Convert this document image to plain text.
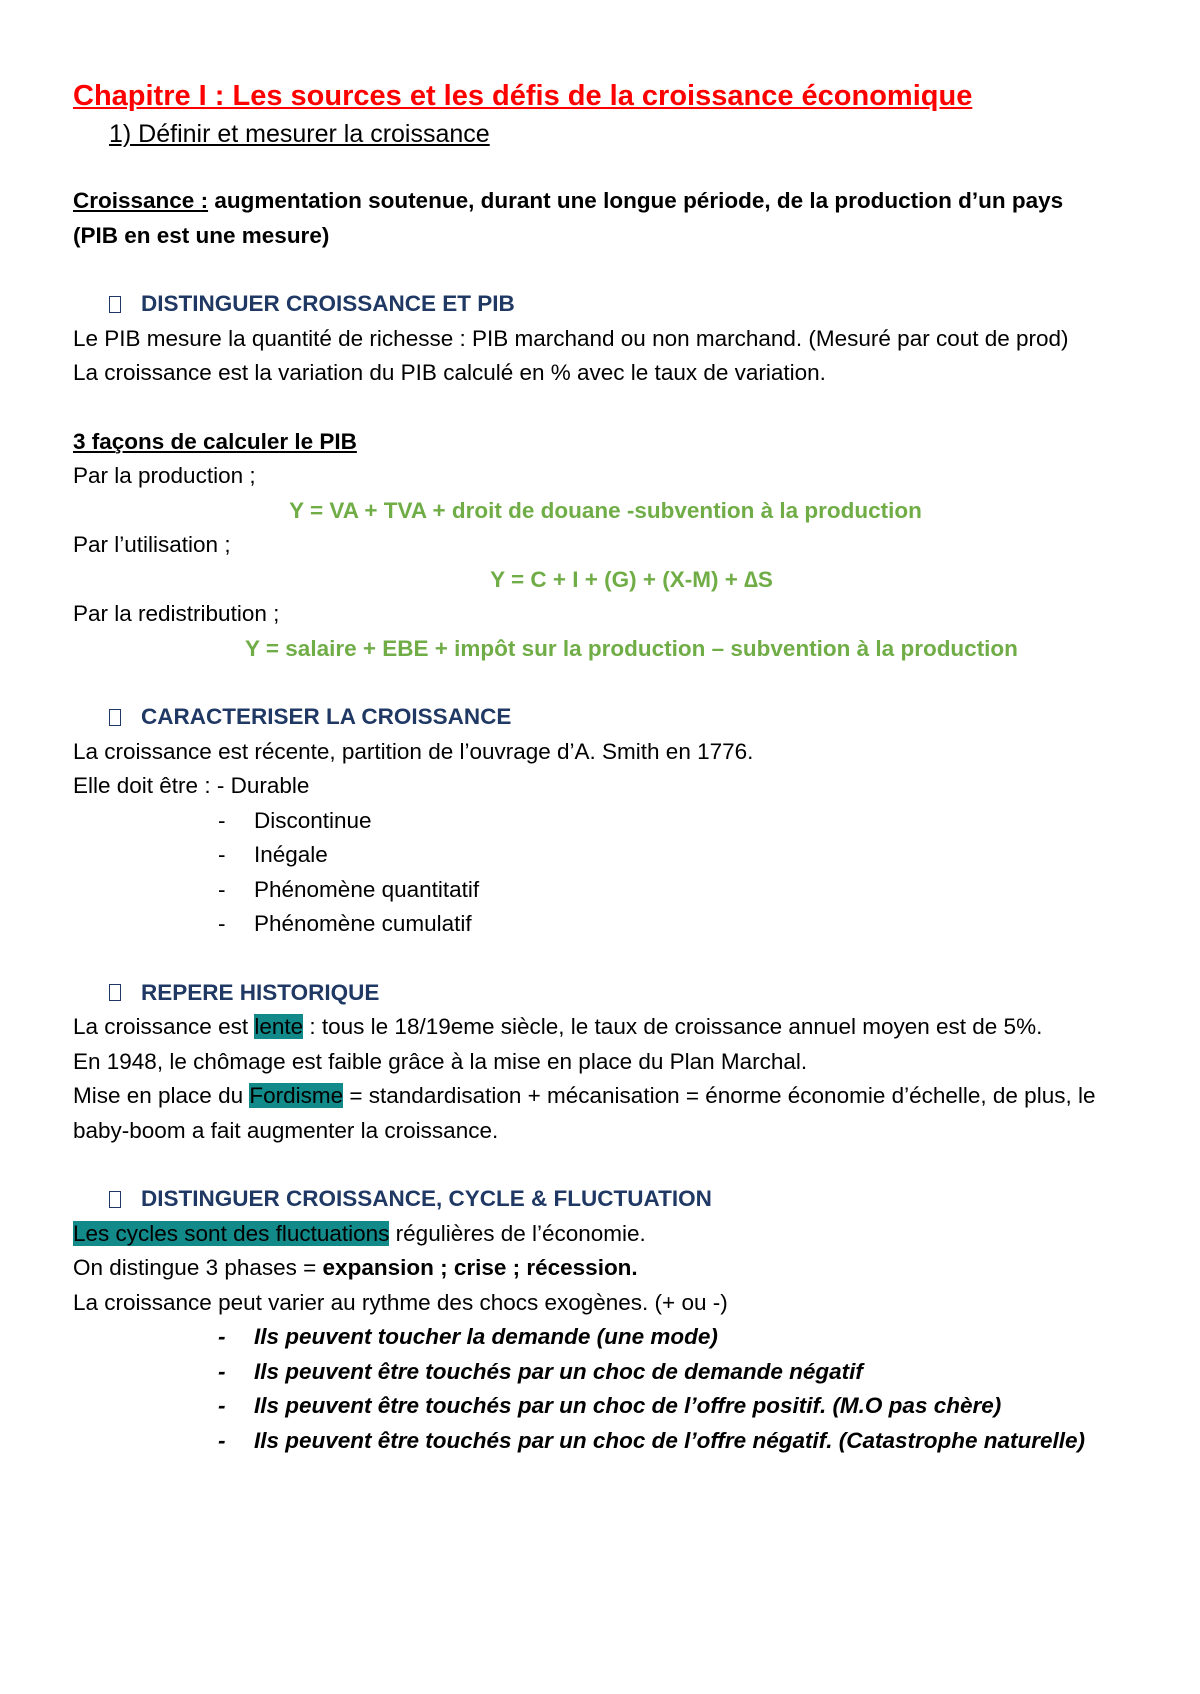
Chapitre I : Les sources et les défis de la croissance économique

1) Définir et mesurer la croissance

Croissance : augmentation soutenue, durant une longue période, de la production d’un pays (PIB en est une mesure)

DISTINGUER CROISSANCE ET PIB

Le PIB mesure la quantité de richesse : PIB marchand ou non marchand. (Mesuré par cout de prod)

La croissance est la variation du PIB calculé en % avec le taux de variation.

3 façons de calculer le PIB

Par la production ;

Y = VA + TVA + droit de douane -subvention à la production

Par l’utilisation ;

Y = C + I + (G) + (X-M) + ∆S

Par la redistribution ;

Y = salaire + EBE + impôt sur la production – subvention à la production

CARACTERISER LA CROISSANCE

La croissance est récente, partition de l’ouvrage d’A. Smith en 1776.

Elle doit être : - Durable

- Discontinue
- Inégale
- Phénomène quantitatif
- Phénomène cumulatif

REPERE HISTORIQUE

La croissance est lente : tous le 18/19eme siècle, le taux de croissance annuel moyen est de 5%.

En 1948, le chômage est faible grâce à la mise en place du Plan Marchal.

Mise en place du Fordisme = standardisation + mécanisation = énorme économie d’échelle, de plus, le baby-boom a fait augmenter la croissance.

DISTINGUER CROISSANCE, CYCLE & FLUCTUATION

Les cycles sont des fluctuations régulières de l’économie.

On distingue 3 phases = expansion ; crise ; récession.

La croissance peut varier au rythme des chocs exogènes. (+ ou -)

- Ils peuvent toucher la demande (une mode)
- Ils peuvent être touchés par un choc de demande négatif
- Ils peuvent être touchés par un choc de l’offre positif. (M.O pas chère)
- Ils peuvent être touchés par un choc de l’offre négatif. (Catastrophe naturelle)
